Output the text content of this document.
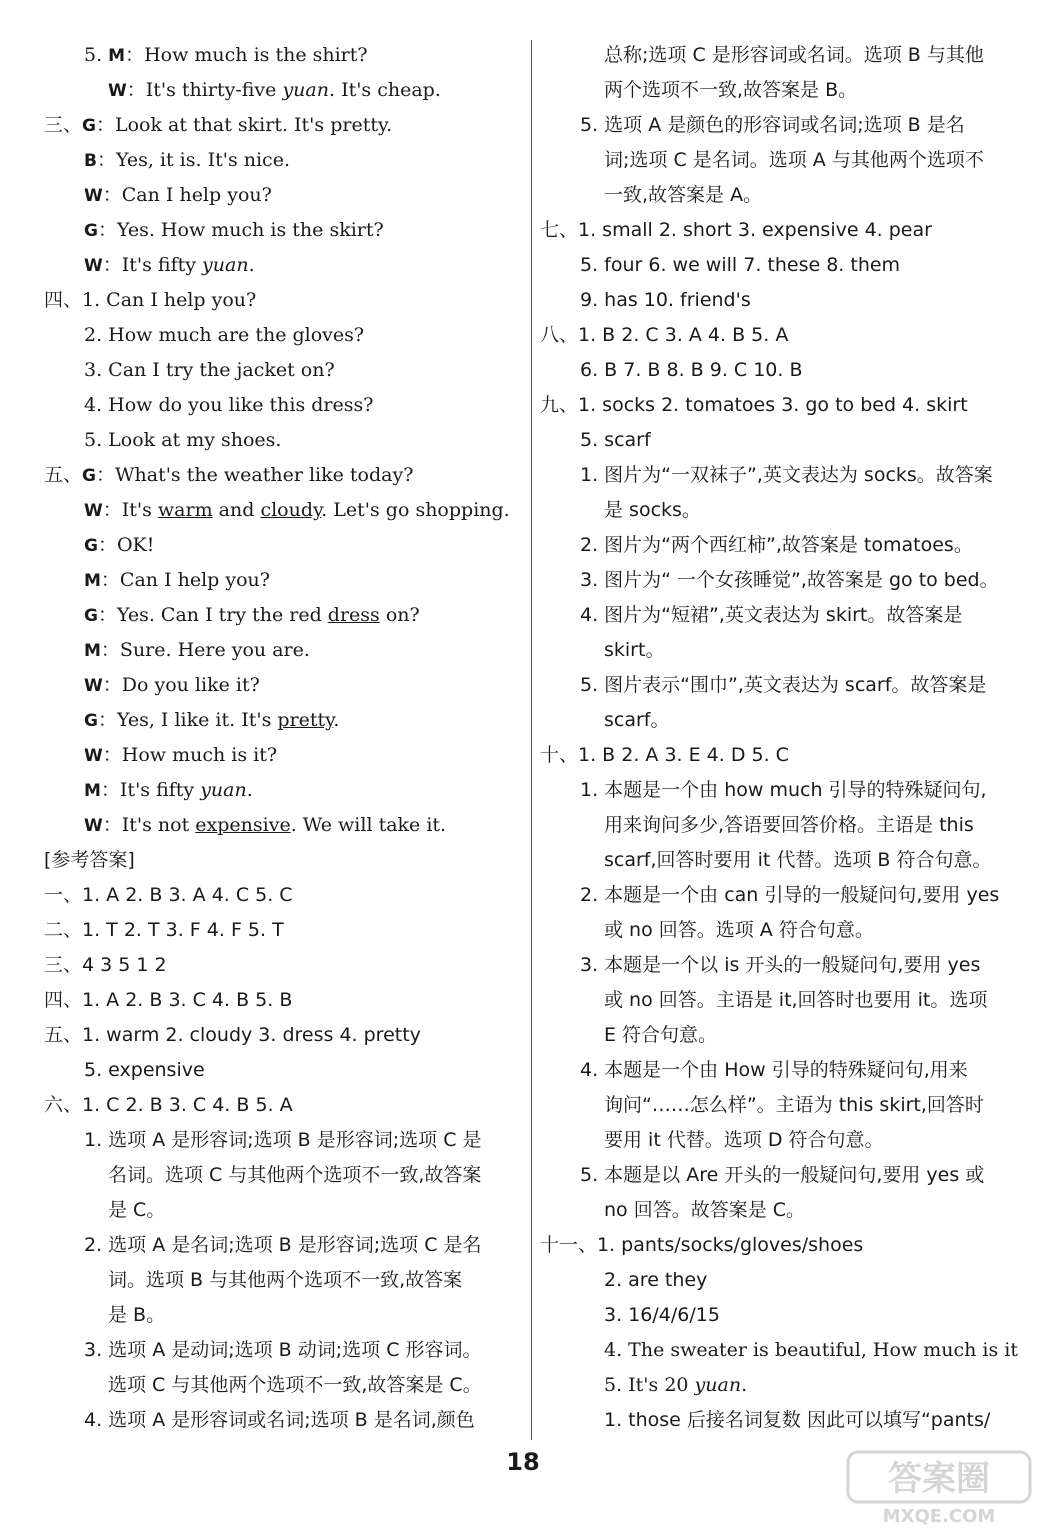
5. M：How much is the shirt?
W：It's thirty-five yuan. It's cheap.
三、G：Look at that skirt. It's pretty.
B：Yes, it is. It's nice.
W：Can I help you?
G：Yes. How much is the skirt?
W：It's fifty yuan.
四、1. Can I help you?
2. How much are the gloves?
3. Can I try the jacket on?
4. How do you like this dress?
5. Look at my shoes.
五、G：What's the weather like today?
W：It's warm and cloudy. Let's go shopping.
G：OK!
M：Can I help you?
G：Yes. Can I try the red dress on?
M：Sure. Here you are.
W：Do you like it?
G：Yes, I like it. It's pretty.
W：How much is it?
M：It's fifty yuan.
W：It's not expensive. We will take it.
[参考答案]
一、1. A 2. B 3. A 4. C 5. C
二、1. T 2. T 3. F 4. F 5. T
三、4 3 5 1 2
四、1. A 2. B 3. C 4. B 5. B
五、1. warm 2. cloudy 3. dress 4. pretty
5. expensive
六、1. C 2. B 3. C 4. B 5. A
1. 选项 A 是形容词;选项 B 是形容词;选项 C 是
名词。选项 C 与其他两个选项不一致,故答案
是 C。
2. 选项 A 是名词;选项 B 是形容词;选项 C 是名
词。选项 B 与其他两个选项不一致,故答案
是 B。
3. 选项 A 是动词;选项 B 动词;选项 C 形容词。
选项 C 与其他两个选项不一致,故答案是 C。
4. 选项 A 是形容词或名词;选项 B 是名词,颜色
总称;选项 C 是形容词或名词。选项 B 与其他
两个选项不一致,故答案是 B。
5. 选项 A 是颜色的形容词或名词;选项 B 是名
词;选项 C 是名词。选项 A 与其他两个选项不
一致,故答案是 A。
七、1. small 2. short 3. expensive 4. pear
5. four 6. we will 7. these 8. them
9. has 10. friend's
八、1. B 2. C 3. A 4. B 5. A
6. B 7. B 8. B 9. C 10. B
九、1. socks 2. tomatoes 3. go to bed 4. skirt
5. scarf
1. 图片为“一双袜子”,英文表达为 socks。故答案
是 socks。
2. 图片为“两个西红柿”,故答案是 tomatoes。
3. 图片为“ 一个女孩睡觉”,故答案是 go to bed。
4. 图片为“短裙”,英文表达为 skirt。故答案是
skirt。
5. 图片表示“围巾”,英文表达为 scarf。故答案是
scarf。
十、1. B 2. A 3. E 4. D 5. C
1. 本题是一个由 how much 引导的特殊疑问句,
用来询问多少,答语要回答价格。主语是 this
scarf,回答时要用 it 代替。选项 B 符合句意。
2. 本题是一个由 can 引导的一般疑问句,要用 yes
或 no 回答。选项 A 符合句意。
3. 本题是一个以 is 开头的一般疑问句,要用 yes
或 no 回答。主语是 it,回答时也要用 it。选项
E 符合句意。
4. 本题是一个由 How 引导的特殊疑问句,用来
询问“……怎么样”。主语为 this skirt,回答时
要用 it 代替。选项 D 符合句意。
5. 本题是以 Are 开头的一般疑问句,要用 yes 或
no 回答。故答案是 C。
十一、1. pants/socks/gloves/shoes
2. are they
3. 16/4/6/15
4. The sweater is beautiful, How much is it
5. It's 20 yuan.
1. those 后接名词复数 因此可以填写“pants/
18	答案圈
MXQE.COM
